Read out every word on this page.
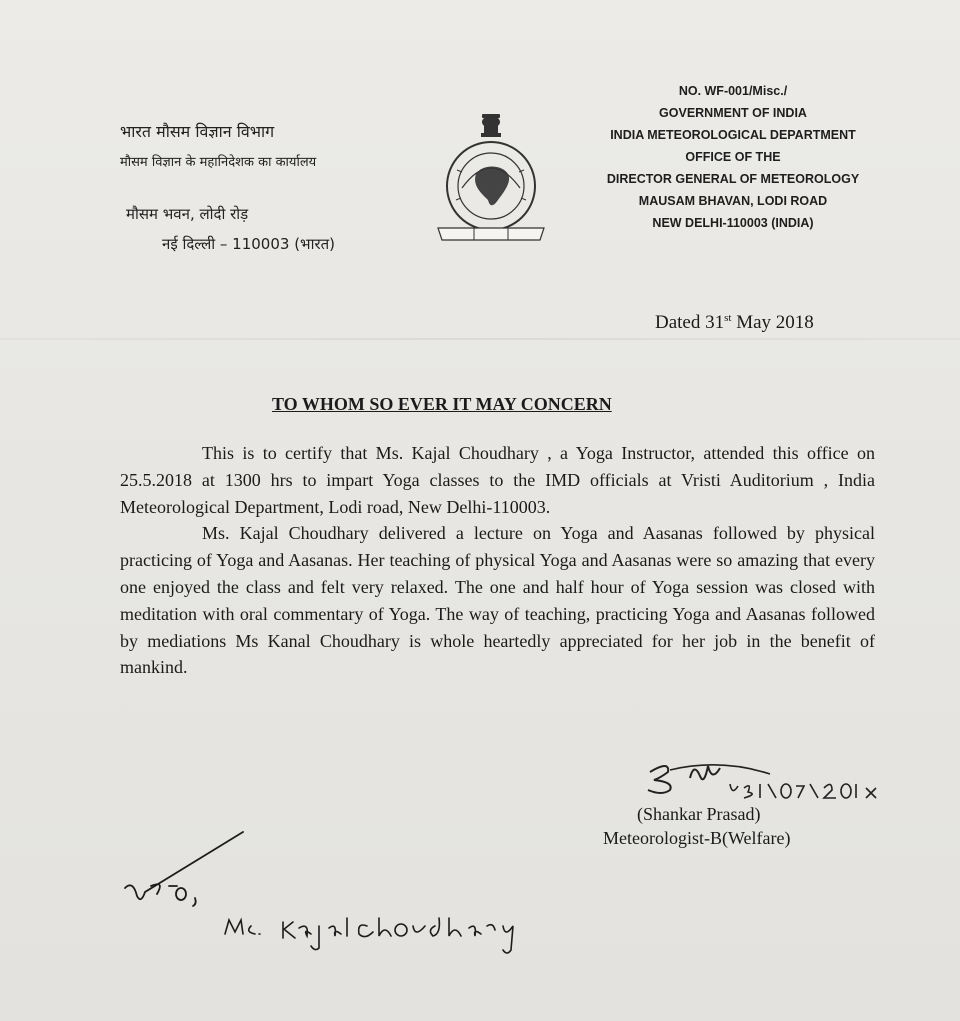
भारत मौसम विज्ञान विभाग
मौसम विज्ञान के महानिदेशक का कार्यालय
मौसम भवन, लोदी रोड़
नई दिल्ली – 110003 (भारत)
NO. WF-001/Misc./
GOVERNMENT OF INDIA
INDIA METEOROLOGICAL DEPARTMENT
OFFICE OF THE
DIRECTOR GENERAL OF METEOROLOGY
MAUSAM BHAVAN, LODI ROAD
NEW DELHI-110003 (INDIA)
Dated 31st May 2018
TO WHOM SO EVER IT MAY CONCERN

This is to certify that Ms. Kajal Choudhary , a Yoga Instructor, attended this office on 25.5.2018 at 1300 hrs to impart Yoga classes to the IMD officials at Vristi Auditorium , India Meteorological Department, Lodi road, New Delhi-110003.

Ms. Kajal Choudhary delivered a lecture on Yoga and Aasanas followed by physical practicing of Yoga and Aasanas. Her teaching of physical Yoga and Aasanas were so amazing that every one enjoyed the class and felt very relaxed. The one and half hour of Yoga session was closed with meditation with oral commentary of Yoga. The way of teaching, practicing Yoga and Aasanas followed by mediations Ms Kanal Choudhary is whole heartedly appreciated for her job in the benefit of mankind.

(Shankar Prasad)
Meteorologist-B(Welfare)
